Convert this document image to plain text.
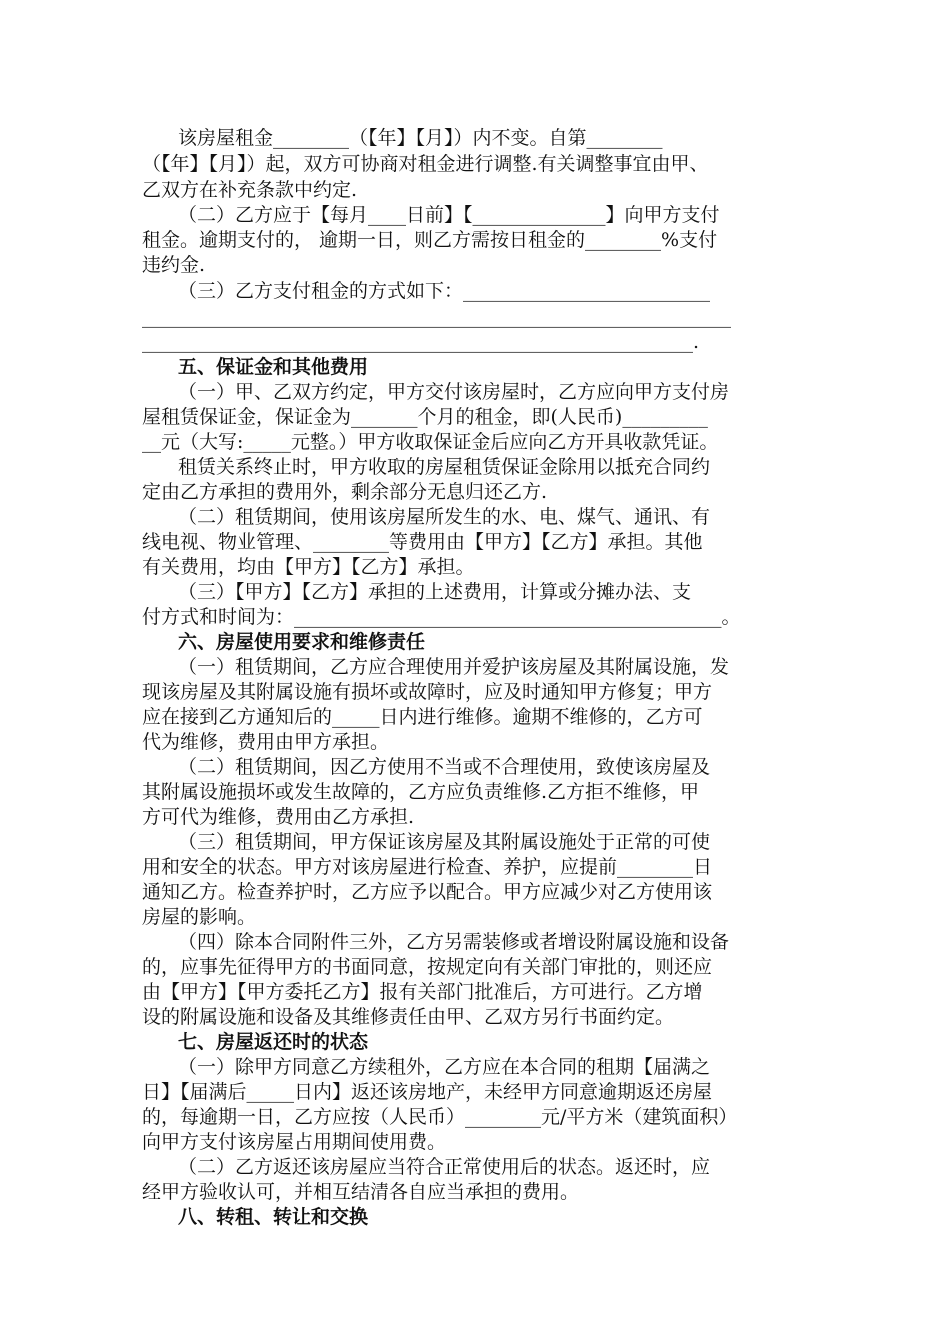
该房屋租金________（【年】【月】）内不变。自第________
（【年】【月】）起，双方可协商对租金进行调整.有关调整事宜由甲、
乙双方在补充条款中约定.
（二）乙方应于【每月____日前】【______________】向甲方支付
租金。逾期支付的， 逾期一日，则乙方需按日租金的________%支付
违约金.
（三）乙方支付租金的方式如下：__________________________
______________________________________________________________
__________________________________________________________.
五、保证金和其他费用
（一）甲、乙双方约定，甲方交付该房屋时，乙方应向甲方支付房
屋租赁保证金，保证金为_______个月的租金，即(人民币)_________
__元（大写:_____元整。）甲方收取保证金后应向乙方开具收款凭证。
租赁关系终止时，甲方收取的房屋租赁保证金除用以抵充合同约
定由乙方承担的费用外，剩余部分无息归还乙方.
（二）租赁期间，使用该房屋所发生的水、电、煤气、通讯、有
线电视、物业管理、________等费用由【甲方】【乙方】承担。其他
有关费用，均由【甲方】【乙方】承担。
（三）【甲方】【乙方】承担的上述费用，计算或分摊办法、支
付方式和时间为：_____________________________________________。
六、房屋使用要求和维修责任
（一）租赁期间，乙方应合理使用并爱护该房屋及其附属设施，发
现该房屋及其附属设施有损坏或故障时，应及时通知甲方修复；甲方
应在接到乙方通知后的_____日内进行维修。逾期不维修的，乙方可
代为维修，费用由甲方承担。
（二）租赁期间，因乙方使用不当或不合理使用，致使该房屋及
其附属设施损坏或发生故障的，乙方应负责维修.乙方拒不维修，甲
方可代为维修，费用由乙方承担.
（三）租赁期间，甲方保证该房屋及其附属设施处于正常的可使
用和安全的状态。甲方对该房屋进行检查、养护，应提前________日
通知乙方。检查养护时，乙方应予以配合。甲方应减少对乙方使用该
房屋的影响。
（四）除本合同附件三外，乙方另需装修或者增设附属设施和设备
的，应事先征得甲方的书面同意，按规定向有关部门审批的，则还应
由【甲方】【甲方委托乙方】报有关部门批准后，方可进行。乙方增
设的附属设施和设备及其维修责任由甲、乙双方另行书面约定。
七、房屋返还时的状态
（一）除甲方同意乙方续租外，乙方应在本合同的租期【届满之
日】【届满后_____日内】返还该房地产，未经甲方同意逾期返还房屋
的，每逾期一日，乙方应按（人民币）________元/平方米（建筑面积）
向甲方支付该房屋占用期间使用费。
（二）乙方返还该房屋应当符合正常使用后的状态。返还时，应
经甲方验收认可，并相互结清各自应当承担的费用。
八、转租、转让和交换
